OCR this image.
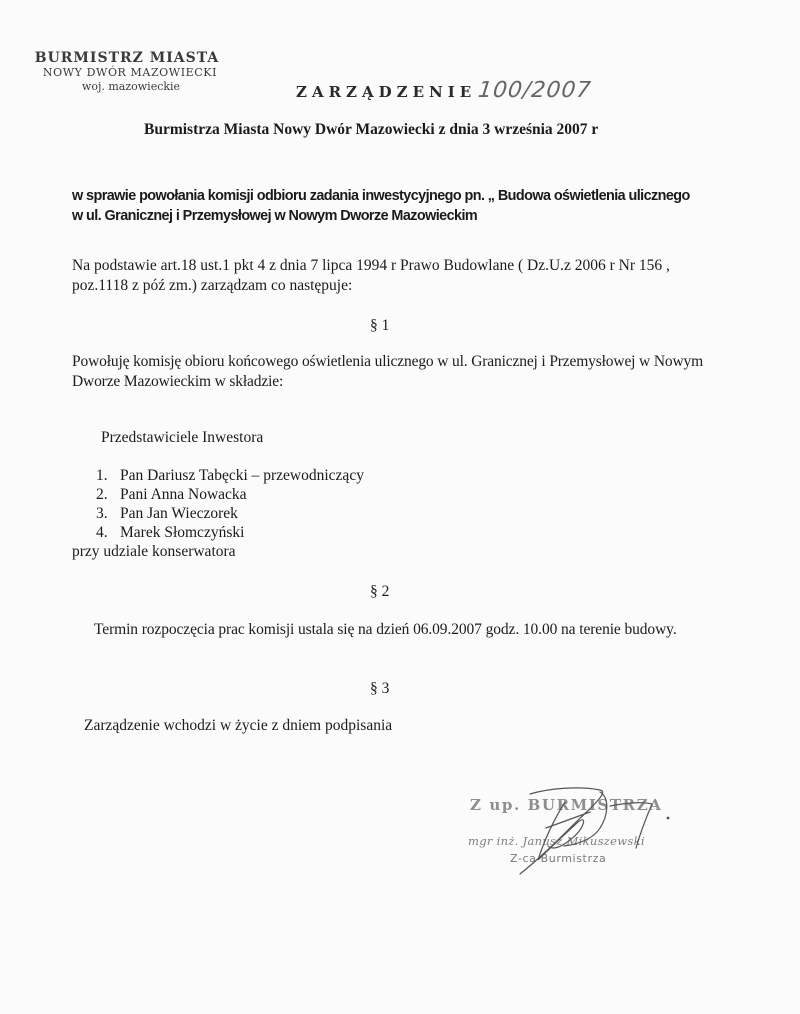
BURMISTRZ MIASTA
NOWY DWÓR MAZOWIECKI
woj. mazowieckie	ZARZĄDZENIE 100/2007
Burmistrza Miasta Nowy Dwór Mazowiecki z dnia 3 września 2007 r
w sprawie powołania komisji odbioru zadania inwestycyjnego pn. „ Budowa oświetlenia ulicznego w ul. Granicznej i Przemysłowej w Nowym Dworze Mazowieckim
Na podstawie art.18 ust.1 pkt 4 z dnia 7 lipca 1994 r Prawo Budowlane ( Dz.U.z 2006 r Nr 156 , poz.1118 z póź zm.) zarządzam co następuje:
§ 1
Powołuję komisję obioru końcowego oświetlenia ulicznego w ul. Granicznej i Przemysłowej w Nowym Dworze Mazowieckim w składzie:
Przedstawiciele Inwestora
1. Pan Dariusz Tabęcki – przewodniczący
2. Pani Anna Nowacka
3. Pan Jan Wieczorek
4. Marek Słomczyński
przy udziale konserwatora
§ 2
Termin rozpoczęcia prac komisji ustala się na dzień 06.09.2007 godz. 10.00 na terenie budowy.
§ 3
Zarządzenie wchodzi w życie z dniem podpisania
Z up. BURMISTRZA
mgr inż. Janusz Mikuszewski
Z-ca Burmistrza
